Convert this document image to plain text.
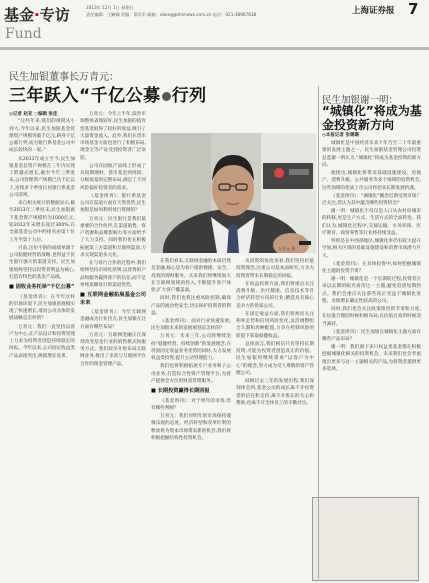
基金·专访
Fund
2013年 12月 1日 星期日
责任编辑：王娴娴 美编：郑学丰 邮箱：xbeng@shsnews.com.cn 电话：021-38967638	上海证券报 7
民生加银董事长万青元：
三年跃入“千亿公募 行列
◎记者 赵亚 ○编辑 张佳

“这些年来,我们的规模从小到大,今年以来,民生加银基金管理资产规模突破千亿元,跻身千亿公募行列,成为银行系基金公司中成长较快的一家。”

从2011年成立至今,民生加银基金总资产规模在三年内实现了跨越式增长,截至今年三季度末,公司管理资产规模已达千亿以上,连续多个季度位居银行系基金公司前列。

来自相关统计的数据显示,截至2013年三季度末,民生加银旗下基金资产规模约为1000亿元,较2012年末增长超过300%,在全部基金公司中的排名由第十位上升至第十九位。

目前,这份不俗的成绩单源于公司稳健经营的战略,也得益于民生银行强大的渠道支持。民生加银始终坚持以投资者利益为核心,打造有特色的基金产品线。

■ 固收业务托举“千亿公募”

《基金周刊》：在今年这样的市场环境下,民生加银的规模实现了快速增长,请问公司具体的发展战略是怎样的？

万青元：我们一直坚持以客户为中心,在产品设计和投资管理上力求为投资者创造持续稳定的回报。今年以来,公司固定收益类产品表现突出,规模增长显著。

万青元：今年上半年,债券市场整体表现较好,民生加银的债券型基金取得了较好的收益,吸引了大量资金流入。此外,我们在货币市场基金方面也进行了积极布局,现金宝等产品受到投资者广泛欢迎。

公司在固收产品线上形成了从短期理财、货币基金到纯债、分级债基的完整布局,满足了不同风险偏好投资者的需求。

《基金周刊》：银行系基金公司在渠道方面有天然优势,民生加银是如何利用母行资源的？

万青元：民生银行是我们最重要的合作伙伴,在渠道销售、客户资源和品牌影响力等方面给予了大力支持。同时我们也在积极拓展第三方渠道和互联网渠道,力求实现渠道多元化。

在与母行合作的过程中,我们始终坚持市场化原则,以优秀的产品和服务赢得客户的信任,而不是单纯依赖母行的渠道优势。

■ 互联网金融拓展基金公司未来

《基金周刊》：今年互联网金融成为行业热点,民生加银在这方面有哪些布局？

万青元：互联网金融正在深刻改变基金行业的销售模式和服务方式。我们较早开始布局互联网业务,推出了多款与互联网平台合作的现金管理产品。

万青元 摄

在我们看来,互联网金融的本质仍然是金融,核心是为客户提供便捷、安全、高效的理财服务。未来我们将继续加大在互联网领域的投入,不断提升客户体验,扩大客户覆盖面。

同时,我们也将注重风险控制,确保产品的流动性安全,切实保护投资者的利益。

《基金周刊》：面对行业快速发展,民生加银未来的发展规划是怎样的？

万青元：未来三年,公司将继续坚持“稳健经营、持续创新”的发展理念,在巩固固定收益业务优势的同时,大力发展权益类投资,提升主动管理能力。

我们也将积极拓展专户业务和子公司业务,打造综合性资产管理平台,为客户提供全方位的财富管理服务。

■ 长期投资赢得长期回报

《基金周刊》：对于明年的市场,您有哪些判断？

万青元：我们对明年的市场保持谨慎乐观的态度。经济转型和改革红利的释放将为资本市场带来新的机会,我们将积极把握结构性投资机会。

从投资的角度来看,我们坚持价值投资理念,注重公司基本面研究,力争为投资者带来长期稳定的回报。

在权益投资方面,我们将重点关注消费升级、医疗健康、信息技术等符合经济转型方向的行业,精选具有核心竞争力的优质公司。

在固定收益方面,我们将密切关注利率走势和信用风险变化,灵活调整组合久期和券种配置,力争在控制风险的前提下获取稳健收益。

总体而言,我们相信只有坚持长期投资,才能为投资者创造真正的价值。民生加银将继续秉承“以客户为中心”的理念,努力成为受人尊敬的资产管理公司。

回顾过去三年的发展历程,我们深刻体会到,基金公司的成长离不开投资者的信任和支持,离不开股东的关心和帮助,也离不开全体员工的辛勤付出。

民生加银谢一明：
“城镇化”将成为基金投资新方向
◎本报记者 张璐璐

城镇化是中国经济未来十年乃至二十年最重要的发展主题之一。民生加银基金管理公司投资总监谢一明认为,“城镇化”将成为基金投资的新方向。

他指出,城镇化将带来基础设施建设、房地产、消费升级、公共服务等多个领域的投资机会,这些领域的优质上市公司将迎来长期发展机遇。

《基金周刊》：“城镇化”概念近期受到市场广泛关注,您认为其中蕴含哪些投资机会？

谢一明：城镇化不仅仅是人口从农村向城市的转移,更是生产方式、生活方式的全面转变。我们认为,城镇化过程中,交通运输、水务环保、医疗教育、商贸零售等行业将持续受益。

特别是在中西部地区,城镇化率仍有较大提升空间,相关区域的基础设施建设和消费市场潜力巨大。

《基金周刊》：在具体投资中,如何把握城镇化主题的投资节奏？

谢一明：城镇化是一个长期的过程,投资者应该以长期的眼光看待这一主题,避免追逐短期热点。我们会重点关注那些真正受益于城镇化进程、业绩增长确定性较高的公司。

同时,我们也会关注政策推进的节奏和力度,在估值合理的时候积极布局,在估值过高的时候适当减持。

《基金周刊》：民生加银在城镇化主题方面有哪些产品布局？

谢一明：我们旗下多只权益类基金都在积极挖掘城镇化相关的投资机会。未来我们也会考虑推出更多与这一主题相关的产品,为投资者提供更多选择。
